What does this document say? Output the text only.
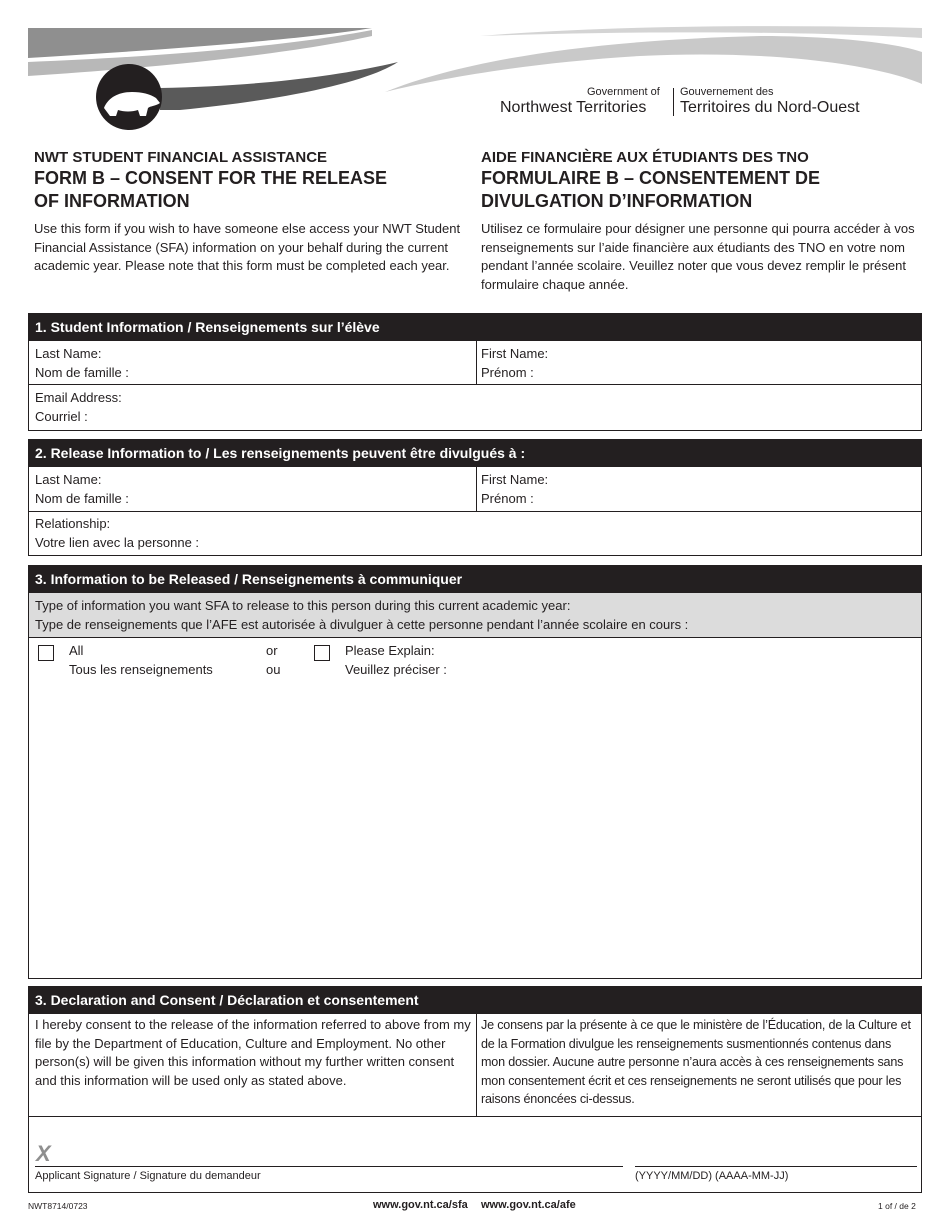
Government of
Northwest Territories
Gouvernement des
Territoires du Nord-Ouest
NWT STUDENT FINANCIAL ASSISTANCE
FORM B – CONSENT FOR THE RELEASE
OF INFORMATION
Use this form if you wish to have someone else access your NWT Student Financial Assistance (SFA) information on your behalf during the current academic year. Please note that this form must be completed each year.
AIDE FINANCIÈRE AUX ÉTUDIANTS DES TNO
FORMULAIRE B – CONSENTEMENT DE
DIVULGATION D’INFORMATION
Utilisez ce formulaire pour désigner une personne qui pourra accéder à vos renseignements sur l’aide financière aux étudiants des TNO en votre nom pendant l’année scolaire. Veuillez noter que vous devez remplir le présent formulaire chaque année.
1. Student Information / Renseignements sur l’élève
Last Name:
Nom de famille :
First Name:
Prénom :
Email Address:
Courriel :
2. Release Information to / Les renseignements peuvent être divulgués à :
Last Name:
Nom de famille :
First Name:
Prénom :
Relationship:
Votre lien avec la personne :
3. Information to be Released / Renseignements à communiquer
Type of information you want SFA to release to this person during this current academic year:
Type de renseignements que l’AFE est autorisée à divulguer à cette personne pendant l’année scolaire en cours :
All
Tous les renseignements
or
ou
Please Explain:
Veuillez préciser :
3. Declaration and Consent / Déclaration et consentement
I hereby consent to the release of the information referred to above from my file by the Department of Education, Culture and Employment. No other person(s) will be given this information without my further written consent and this information will be used only as stated above.
Je consens par la présente à ce que le ministère de l’Éducation, de la Culture et de la Formation divulgue les renseignements susmentionnés contenus dans mon dossier. Aucune autre personne n’aura accès à ces renseignements sans mon consentement écrit et ces renseignements ne seront utilisés que pour les raisons énoncées ci-dessus.
X
Applicant Signature / Signature du demandeur	(YYYY/MM/DD) (AAAA-MM-JJ)
NWT8714/0723	www.gov.nt.ca/sfa www.gov.nt.ca/afe	1 of / de 2
